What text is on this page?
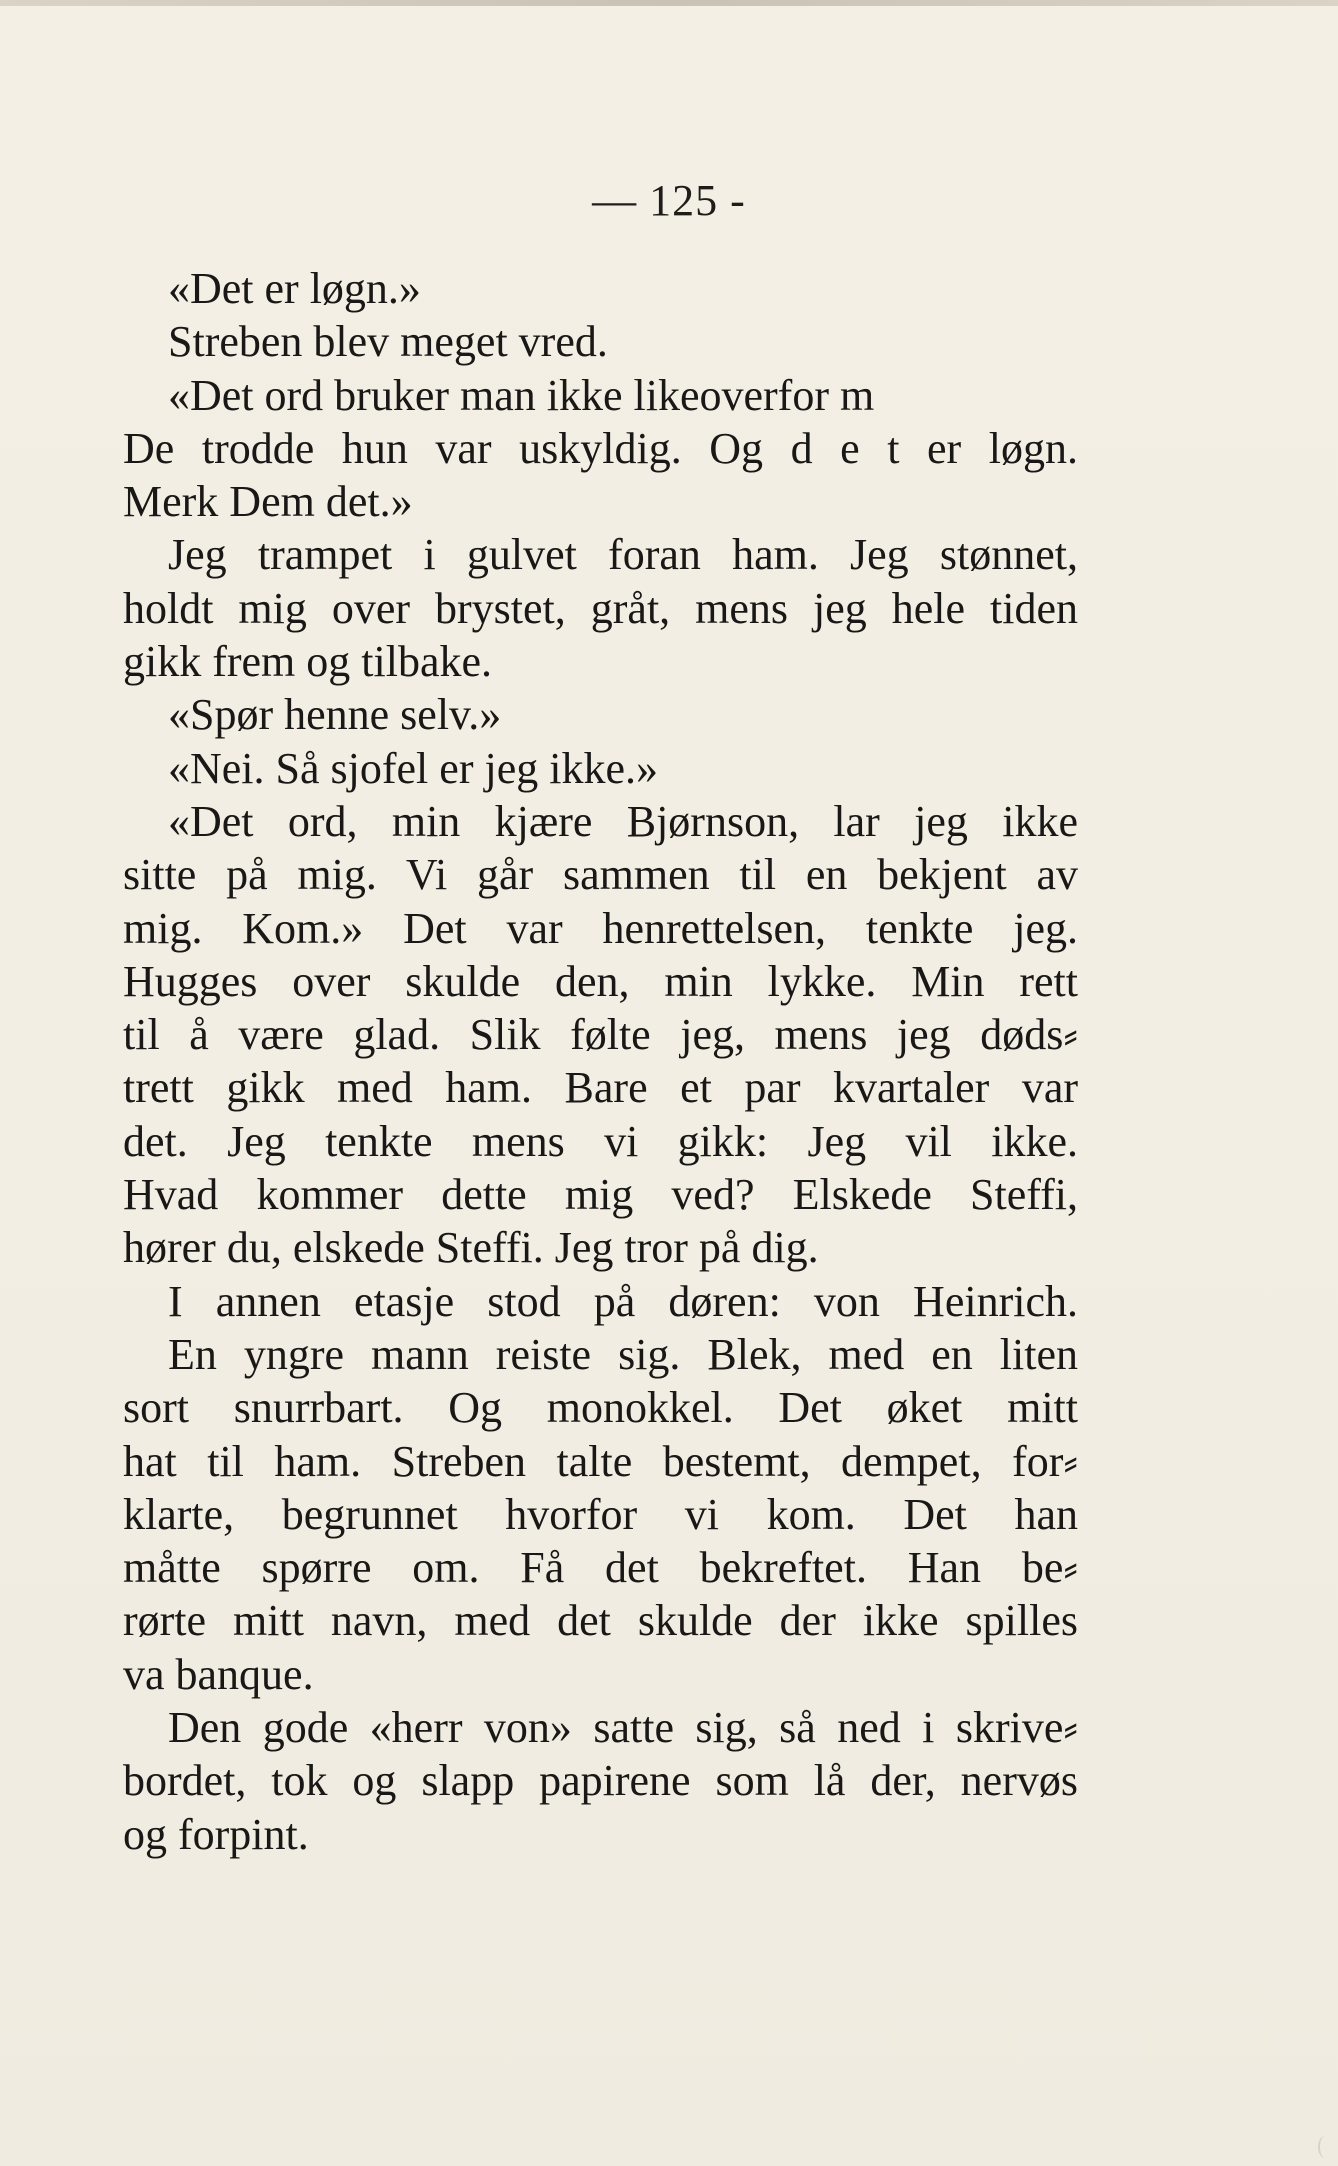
— 125 -
«Det er løgn.»
Streben blev meget vred.
«Det ord bruker man ikke likeoverfor m
De trodde hun var uskyldig. Og d e t er løgn.
Merk Dem det.»
Jeg trampet i gulvet foran ham. Jeg stønnet,
holdt mig over brystet, gråt, mens jeg hele tiden
gikk frem og tilbake.
«Spør henne selv.»
«Nei. Så sjofel er jeg ikke.»
«Det ord, min kjære Bjørnson, lar jeg ikke
sitte på mig. Vi går sammen til en bekjent av
mig. Kom.» Det var henrettelsen, tenkte jeg.
Hugges over skulde den, min lykke. Min rett
til å være glad. Slik følte jeg, mens jeg døds⸗
trett gikk med ham. Bare et par kvartaler var
det. Jeg tenkte mens vi gikk: Jeg vil ikke.
Hvad kommer dette mig ved? Elskede Steffi,
hører du, elskede Steffi. Jeg tror på dig.
I annen etasje stod på døren: von Heinrich.
En yngre mann reiste sig. Blek, med en liten
sort snurrbart. Og monokkel. Det øket mitt
hat til ham. Streben talte bestemt, dempet, for⸗
klarte, begrunnet hvorfor vi kom. Det han
måtte spørre om. Få det bekreftet. Han be⸗
rørte mitt navn, med det skulde der ikke spilles
va banque.
Den gode «herr von» satte sig, så ned i skrive⸗
bordet, tok og slapp papirene som lå der, nervøs
og forpint.
